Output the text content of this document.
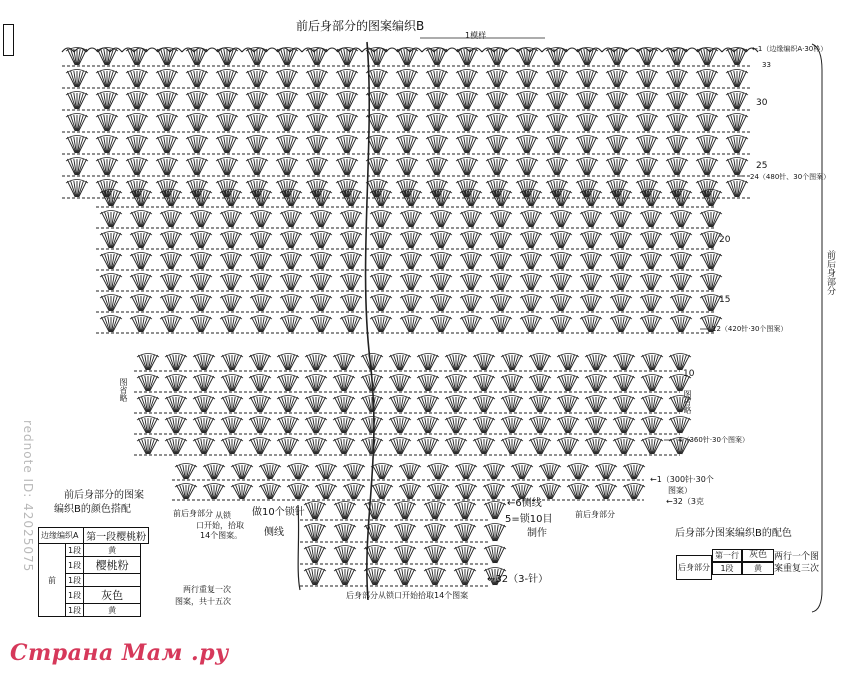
前后身部分的图案编织B
1模样
←1（边缘编织A·30枠）
33
30
25
24（480针、30个图案）
20
15
12（420针·30个图案）
10
4（360针·30个图案）
←1（300针·30个
图案）
←32（3克
前后身部分
图省略	图省略
前后身部分的图案
编织B的颜色搭配
边缘编织A		第一段樱桃粉	
前	1段	黄	
	1段	樱桃粉	
	1段		
	1段	灰色	
	1段	黄	
两行重复一次
图案，共十五次
做10个锁针
从锁
口开始，拾取
14个图案。 侧线
←6侧线
5=锁10目
制作
前后身部分
前后身部分
←32（3-针）
后身部分从锁口开始拾取14个图案
后身部分图案编织B的配色
后身部分
第一行	灰色
1段	黄
两行一个图
案重复三次
Страна Мам .ру
rednote ID: 42025075
